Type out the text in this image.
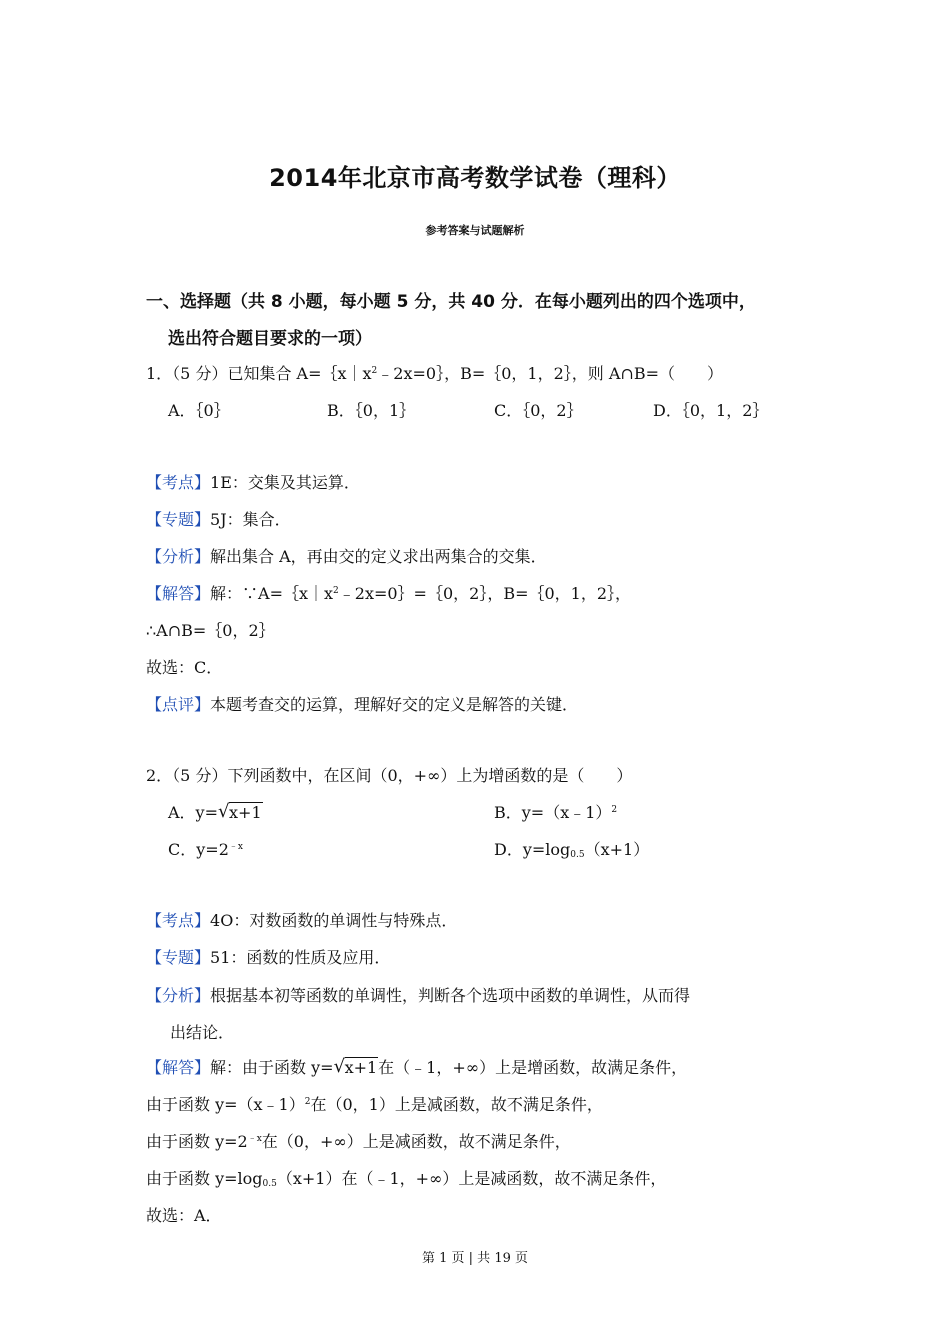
2014年北京市高考数学试卷（理科）
参考答案与试题解析
一、选择题（共 8 小题，每小题 5 分，共 40 分．在每小题列出的四个选项中，
选出符合题目要求的一项）
1．（5 分）已知集合 $A=\{x|x^2﹣2x=0\}$，B=｛0，1，2｝，则 A∩B=（　　）
A．｛0｝	B．｛0，1｝	C．｛0，2｝	D．｛0，1，2｝
【考点】1E：交集及其运算．
【专题】5J：集合．
【分析】解出集合 A，再由交的定义求出两集合的交集．
【解答】解：$\because A=\{x|x^2﹣2x=0\}=\{0$，2｝，B=｛0，1，2｝，
∴A∩B=｛0，2｝
故选：C．
【点评】本题考查交的运算，理解好交的定义是解答的关键．
2．（5 分）下列函数中，在区间（0，+∞）上为增函数的是（　　）
A．y= √ x+1	B．y=（x﹣1）$^2$
C．$y=2^{﹣x}$	D．$y=\log_{0.5}(x+1)$
【考点】4O：对数函数的单调性与特殊点．
【专题】51：函数的性质及应用．
【分析】根据基本初等函数的单调性，判断各个选项中函数的单调性，从而得
出结论．
【解答】解：由于函数 y= √ x+1在（﹣1，+∞）上是增函数，故满足条件，
由于函数 y=（x﹣1）$^2$在（0，1）上是减函数，故不满足条件，
由于函数 $y=2^{﹣x}$在（0，+∞）上是减函数，故不满足条件，
由于函数 $y=\log_{0.5}(x+1)$在（﹣1，+∞）上是减函数，故不满足条件，
故选：A．
第 1 页 | 共 19 页
